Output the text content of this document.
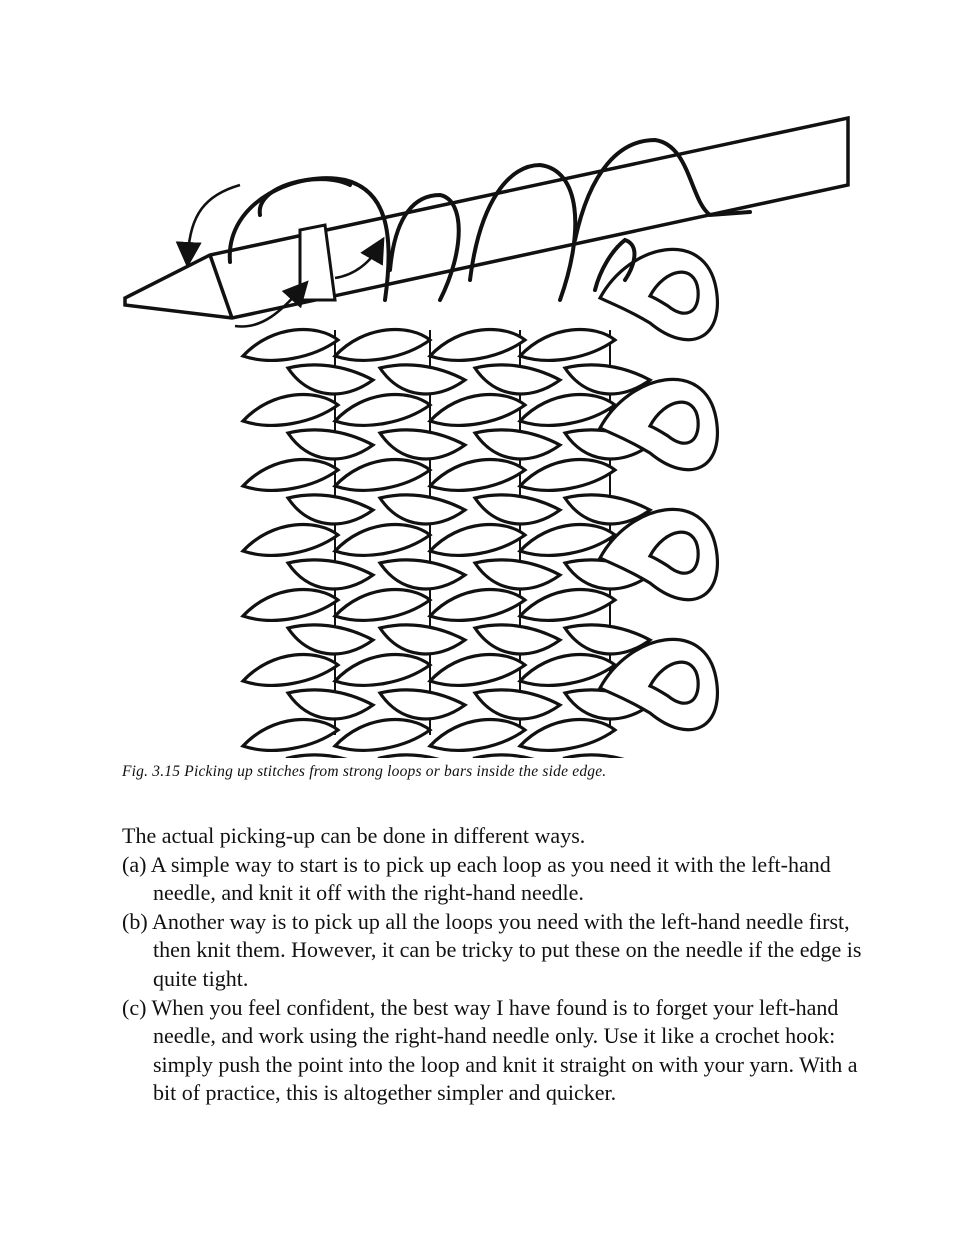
Fig. 3.15 Picking up stitches from strong loops or bars inside the side edge.

The actual picking-up can be done in different ways.

(a) A simple way to start is to pick up each loop as you need it with the left-hand needle, and knit it off with the right-hand needle.

(b) Another way is to pick up all the loops you need with the left-hand needle first, then knit them. However, it can be tricky to put these on the needle if the edge is quite tight.

(c) When you feel confident, the best way I have found is to forget your left-hand needle, and work using the right-hand needle only. Use it like a crochet hook: simply push the point into the loop and knit it straight on with your yarn. With a bit of practice, this is altogether simpler and quicker.
